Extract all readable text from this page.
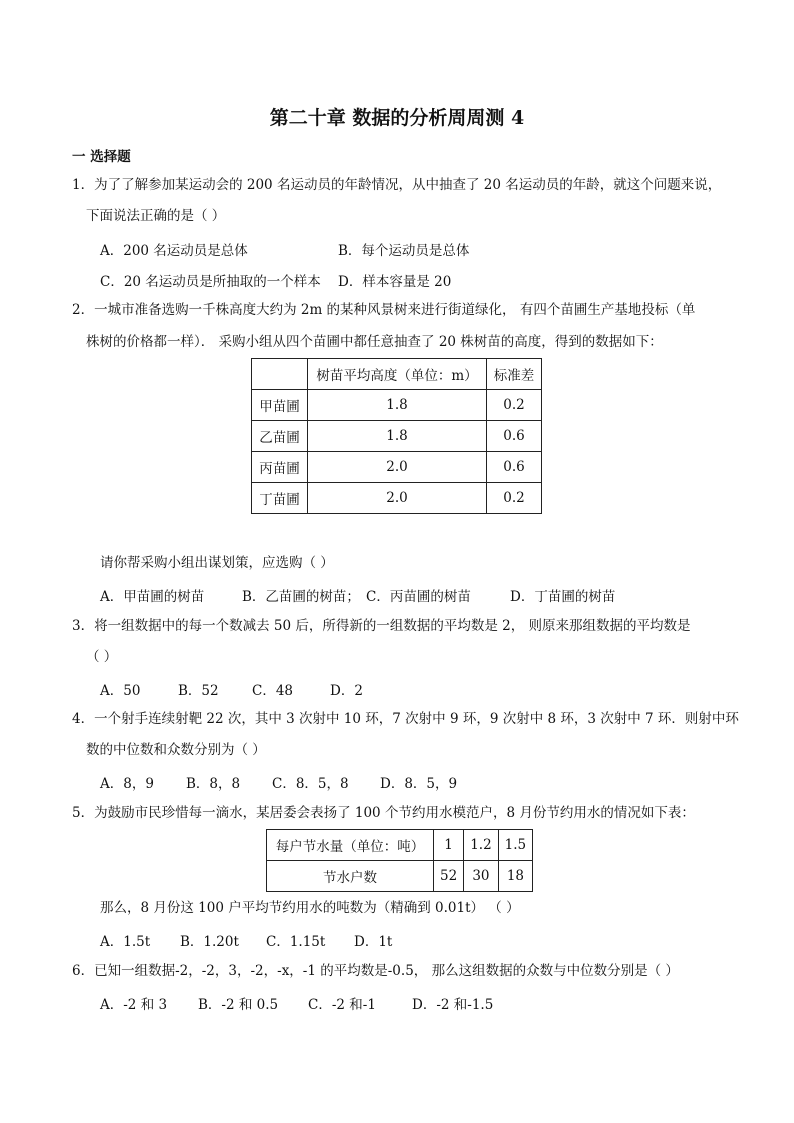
第二十章 数据的分析周周测 4
一 选择题
1．为了了解参加某运动会的 200 名运动员的年龄情况，从中抽查了 20 名运动员的年龄，就这个问题来说，
下面说法正确的是（ ）
A．200 名运动员是总体	B．每个运动员是总体
C．20 名运动员是所抽取的一个样本 D．样本容量是 20
2．一城市准备选购一千株高度大约为 2m 的某种风景树来进行街道绿化， 有四个苗圃生产基地投标（单
株树的价格都一样）． 采购小组从四个苗圃中都任意抽查了 20 株树苗的高度，得到的数据如下：
	树苗平均高度（单位：m）	标准差
甲苗圃	1.8	0.2
乙苗圃	1.8	0.6
丙苗圃	2.0	0.6
丁苗圃	2.0	0.2
请你帮采购小组出谋划策，应选购（ ）
A．甲苗圃的树苗	B．乙苗圃的树苗； C．丙苗圃的树苗	D．丁苗圃的树苗
3．将一组数据中的每一个数减去 50 后，所得新的一组数据的平均数是 2， 则原来那组数据的平均数是
（ ）
A．50	B．52 C．48	D．2
4．一个射手连续射靶 22 次，其中 3 次射中 10 环，7 次射中 9 环，9 次射中 8 环，3 次射中 7 环．则射中环
数的中位数和众数分别为（ ）
A．8，9 B．8，8 C．8．5，8 D．8．5，9
5．为鼓励市民珍惜每一滴水，某居委会表扬了 100 个节约用水模范户，8 月份节约用水的情况如下表：
每户节水量（单位：吨）	1	1.2	1.5
节水户数	52	30	18
那么，8 月份这 100 户平均节约用水的吨数为（精确到 0.01t） （ ）
A．1.5t B．1.20t C．1.15t D．1t
6．已知一组数据-2，-2，3，-2，-x，-1 的平均数是-0.5， 那么这组数据的众数与中位数分别是（ ）
A．-2 和 3 B．-2 和 0.5 C．-2 和-1	D．-2 和-1.5
